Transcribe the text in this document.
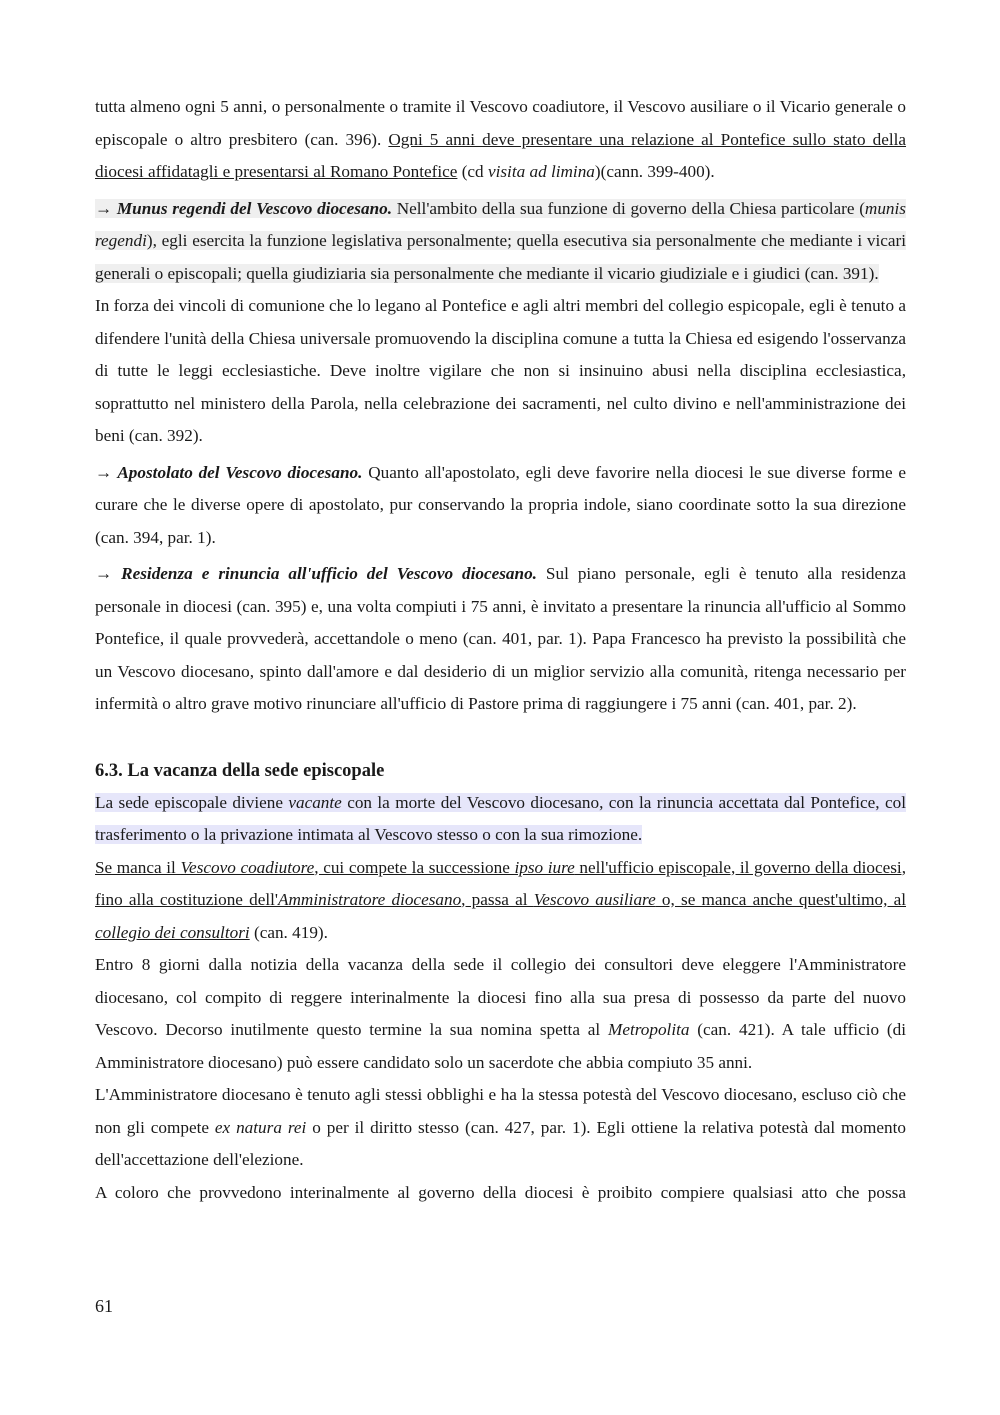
tutta almeno ogni 5 anni, o personalmente o tramite il Vescovo coadiutore, il Vescovo ausiliare o il Vicario generale o episcopale o altro presbitero (can. 396). Ogni 5 anni deve presentare una relazione al Pontefice sullo stato della diocesi affidatagli e presentarsi al Romano Pontefice (cd visita ad limina)(cann. 399-400).

→ Munus regendi del Vescovo diocesano. Nell'ambito della sua funzione di governo della Chiesa particolare (munis regendi), egli esercita la funzione legislativa personalmente; quella esecutiva sia personalmente che mediante i vicari generali o episcopali; quella giudiziaria sia personalmente che mediante il vicario giudiziale e i giudici (can. 391).

In forza dei vincoli di comunione che lo legano al Pontefice e agli altri membri del collegio espicopale, egli è tenuto a difendere l'unità della Chiesa universale promuovendo la disciplina comune a tutta la Chiesa ed esigendo l'osservanza di tutte le leggi ecclesiastiche. Deve inoltre vigilare che non si insinuino abusi nella disciplina ecclesiastica, soprattutto nel ministero della Parola, nella celebrazione dei sacramenti, nel culto divino e nell'amministrazione dei beni (can. 392).

→ Apostolato del Vescovo diocesano. Quanto all'apostolato, egli deve favorire nella diocesi le sue diverse forme e curare che le diverse opere di apostolato, pur conservando la propria indole, siano coordinate sotto la sua direzione (can. 394, par. 1).

→ Residenza e rinuncia all'ufficio del Vescovo diocesano. Sul piano personale, egli è tenuto alla residenza personale in diocesi (can. 395) e, una volta compiuti i 75 anni, è invitato a presentare la rinuncia all'ufficio al Sommo Pontefice, il quale provvederà, accettandole o meno (can. 401, par. 1). Papa Francesco ha previsto la possibilità che un Vescovo diocesano, spinto dall'amore e dal desiderio di un miglior servizio alla comunità, ritenga necessario per infermità o altro grave motivo rinunciare all'ufficio di Pastore prima di raggiungere i 75 anni (can. 401, par. 2).

6.3. La vacanza della sede episcopale

La sede episcopale diviene vacante con la morte del Vescovo diocesano, con la rinuncia accettata dal Pontefice, col trasferimento o la privazione intimata al Vescovo stesso o con la sua rimozione.

Se manca il Vescovo coadiutore, cui compete la successione ipso iure nell'ufficio episcopale, il governo della diocesi, fino alla costituzione dell'Amministratore diocesano, passa al Vescovo ausiliare o, se manca anche quest'ultimo, al collegio dei consultori (can. 419).

Entro 8 giorni dalla notizia della vacanza della sede il collegio dei consultori deve eleggere l'Amministratore diocesano, col compito di reggere interinalmente la diocesi fino alla sua presa di possesso da parte del nuovo Vescovo. Decorso inutilmente questo termine la sua nomina spetta al Metropolita (can. 421). A tale ufficio (di Amministratore diocesano) può essere candidato solo un sacerdote che abbia compiuto 35 anni.

L'Amministratore diocesano è tenuto agli stessi obblighi e ha la stessa potestà del Vescovo diocesano, escluso ciò che non gli compete ex natura rei o per il diritto stesso (can. 427, par. 1). Egli ottiene la relativa potestà dal momento dell'accettazione dell'elezione.

A coloro che provvedono interinalmente al governo della diocesi è proibito compiere qualsiasi atto che possa

61
